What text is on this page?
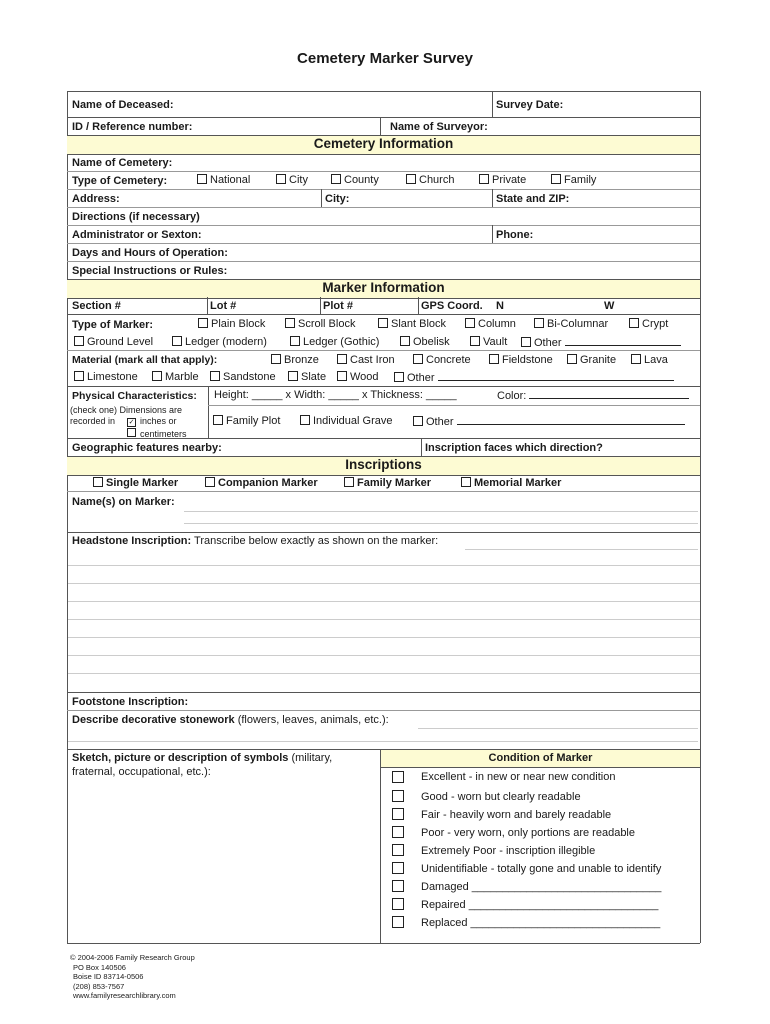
Cemetery Marker Survey
Name of Deceased:	Survey Date:
ID / Reference number:	Name of Surveyor:
Cemetery Information
Name of Cemetery:
Type of Cemetery:	National	City	County	Church	Private	Family
Address:	City:	State and ZIP:
Directions (if necessary)
Administrator or Sexton:	Phone:
Days and Hours of Operation:
Special Instructions or Rules:
Marker Information
Section #	Lot #	Plot #	GPS Coord. N	W
Type of Marker:	Plain Block	Scroll Block	Slant Block	Column	Bi-Columnar	Crypt
Ground Level	Ledger (modern)	Ledger (Gothic)	Obelisk	Vault	Other
Material (mark all that apply):	Bronze	Cast Iron	Concrete	Fieldstone	Granite	Lava
Limestone	Marble	Sandstone	Slate	Wood	Other
Physical Characteristics:
(check one) Dimensions are
recorded in ✓ inches or
centimeters
Height: _____ x Width: _____ x Thickness: _____	Color:
Family Plot	Individual Grave	Other
Geographic features nearby:	Inscription faces which direction?
Inscriptions
Single Marker	Companion Marker	Family Marker	Memorial Marker
Name(s) on Marker:
Headstone Inscription: Transcribe below exactly as shown on the marker:
Footstone Inscription:
Describe decorative stonework (flowers, leaves, animals, etc.):
Sketch, picture or description of symbols (military,
fraternal, occupational, etc.):
Condition of Marker
Excellent - in new or near new condition
Good - worn but clearly readable
Fair - heavily worn and barely readable
Poor - very worn, only portions are readable
Extremely Poor - inscription illegible
Unidentifiable - totally gone and unable to identify
Damaged _______________________________
Repaired _______________________________
Replaced _______________________________
© 2004-2006 Family Research Group
PO Box 140506
Boise ID 83714-0506
(208) 853-7567
www.familyresearchlibrary.com
